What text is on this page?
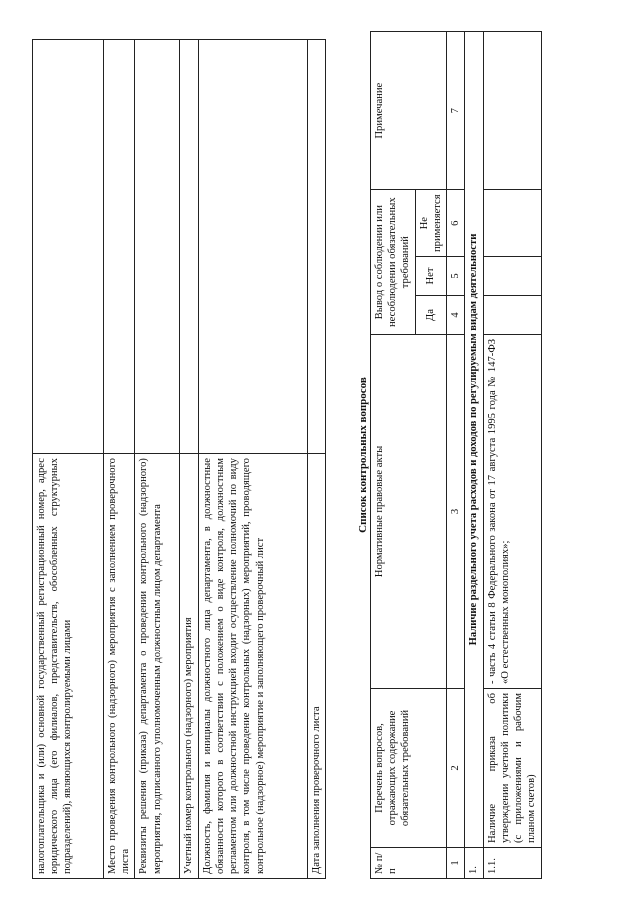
налогоплательщика и (или) основной государственный регистрационный номер, адрес юридического лица (его филиалов, представительств, обособленных структурных подразделений), являющихся контролируемыми лицами	
Место проведения контрольного (надзорного) мероприятия с заполнением проверочного листа	
Реквизиты решения (приказа) департамента о проведении контрольного (надзорного) мероприятия, подписанного уполномоченным должностным лицом департамента	
Учетный номер контрольного (надзорного) мероприятия	
Должность, фамилия и инициалы должностного лица департамента, в должностные обязанности которого в соответствии с положением о виде контроля, должностным регламентом или должностной инструкцией входит осуществление полномочий по виду контроля, в том числе проведение контрольных (надзорных) мероприятий, проводящего контрольное (надзорное) мероприятие и заполняющего проверочный лист	
Дата заполнения проверочного листа	
Список контрольных вопросов
№ п/п	Перечень вопросов, отражающих содержание обязательных требований	Нормативные правовые акты	Вывод о соблюдении или несоблюдении обязательных требований			Примечание
			Да	Нет	Не применяется	
1	2	3	4	5	6	7
1.	Наличие раздельного учета расходов и доходов по регулируемым видам деятельности					
1.1.	Наличие приказа об утверждении учетной политики (с приложениями и рабочим планом счетов)	- часть 4 статьи 8 Федерального закона от 17 августа 1995 года № 147-ФЗ «О естественных монополиях»;				
